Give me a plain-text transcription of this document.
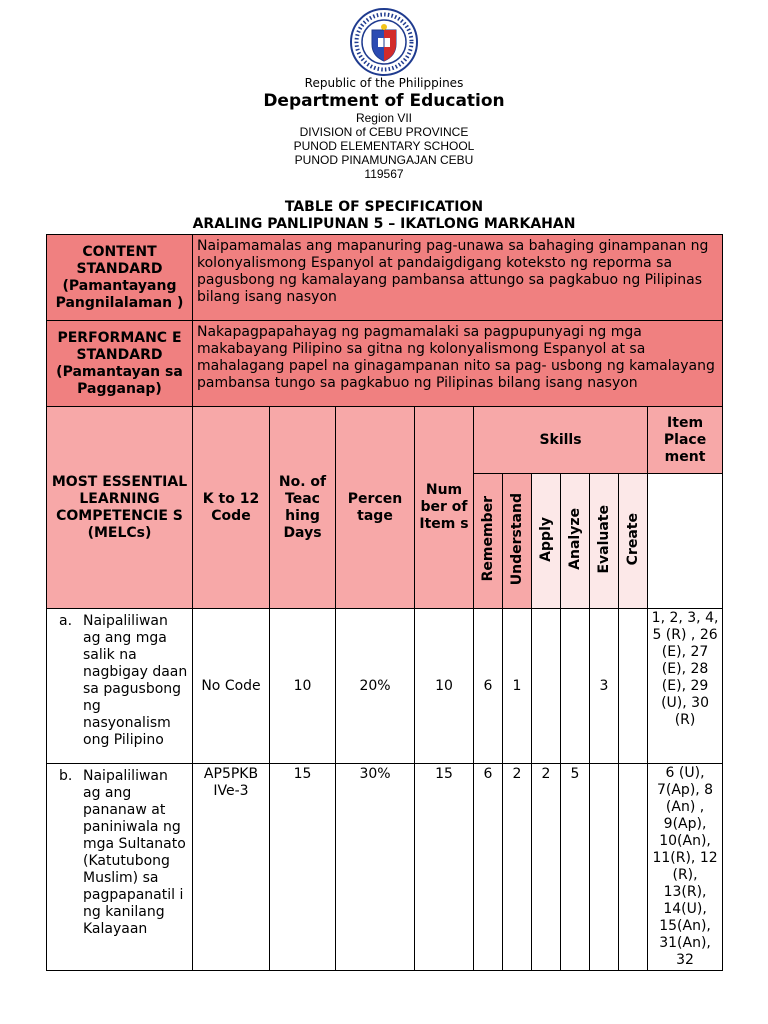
Republic of the Philippines
Department of Education
Region VII
DIVISION of CEBU PROVINCE
PUNOD ELEMENTARY SCHOOL
PUNOD PINAMUNGAJAN CEBU
119567
TABLE OF SPECIFICATION
ARALING PANLIPUNAN 5 – IKATLONG MARKAHAN
CONTENT STANDARD (Pamantayang Pangnilalaman )	Naipamamalas ang mapanuring pag-unawa sa bahaging ginampanan ng kolonyalismong Espanyol at pandaigdigang koteksto ng reporma sa pagusbong ng kamalayang pambansa attungo sa pagkabuo ng Pilipinas bilang isang nasyon										
PERFORMANC E STANDARD (Pamantayan sa Pagganap)	Nakapagpapahayag ng pagmamalaki sa pagpupunyagi ng mga makabayang Pilipino sa gitna ng kolonyalismong Espanyol at sa mahalagang papel na ginagampanan nito sa pag- usbong ng kamalayang pambansa tungo sa pagkabuo ng Pilipinas bilang isang nasyon										
MOST ESSENTIAL LEARNING COMPETENCIE S (MELCs)	K to 12 Code	No. of Teac hing Days	Percen tage	Num ber of Item s	Skills						Item Place ment
					Remember	Understand	Apply	Analyze	Evaluate	Create	

a. Naipaliliwan ag ang mga salik na nagbigay daan sa pagusbong ng nasyonalism ong Pilipino	No Code	10	20%	10	6	1			3		1, 2, 3, 4, 5 (R) , 26 (E), 27 (E), 28 (E), 29 (U), 30 (R)

b. Naipaliliwan ag ang pananaw at paniniwala ng mga Sultanato (Katutubong Muslim) sa pagpapanatil i ng kanilang Kalayaan	AP5PKB IVe-3	15	30%	15	6	2	2	5			6 (U), 7(Ap), 8 (An) , 9(Ap), 10(An), 11(R), 12 (R), 13(R), 14(U), 15(An), 31(An), 32
